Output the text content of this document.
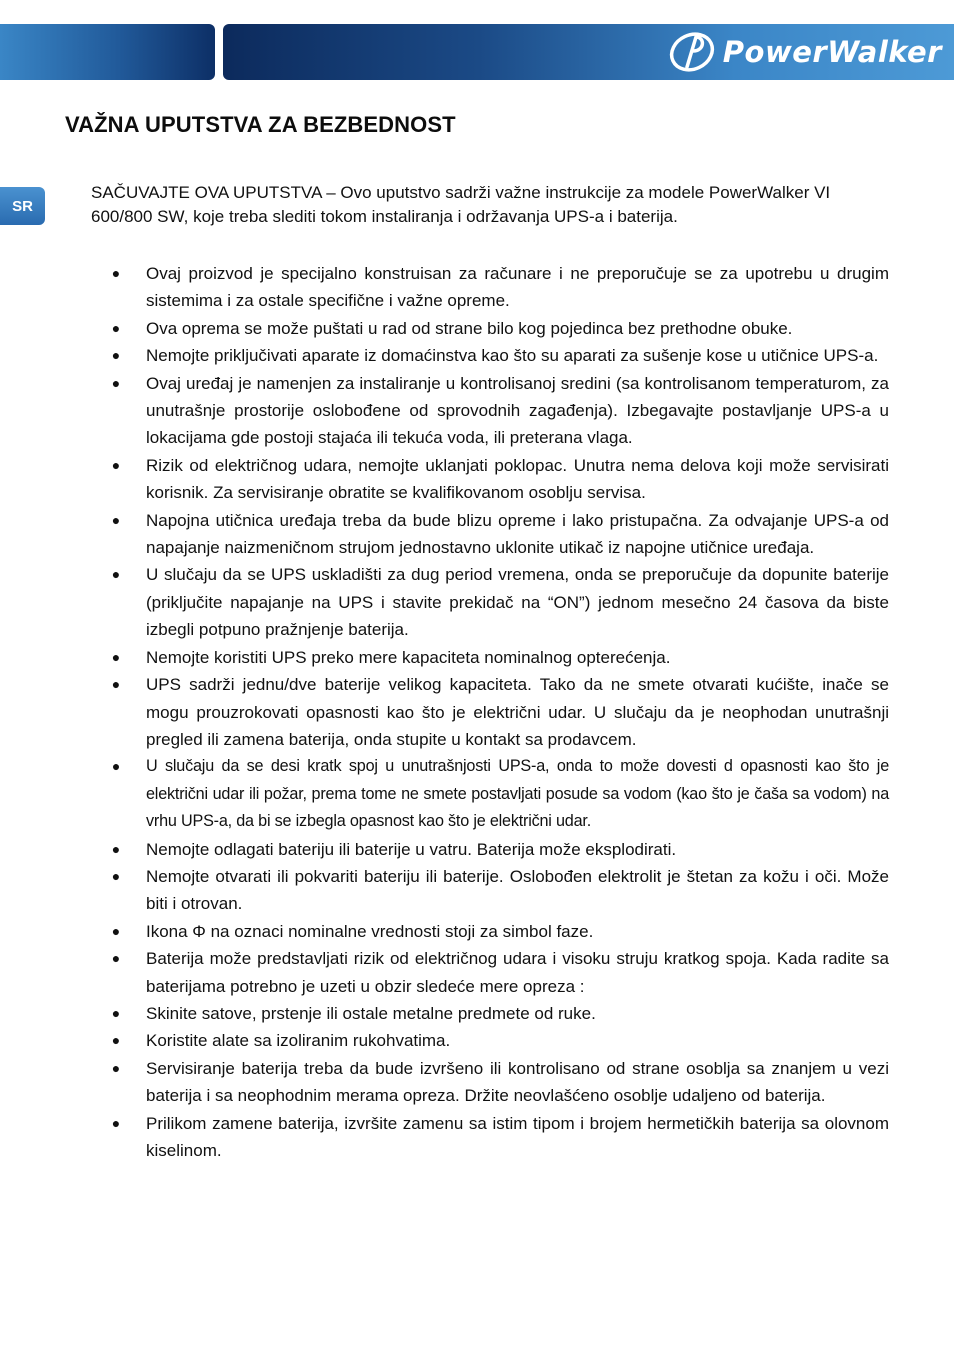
PowerWalker
VAŽNA UPUTSTVA ZA BEZBEDNOST
SR

SAČUVAJTE OVA UPUTSTVA – Ovo uputstvo sadrži važne instrukcije za modele PowerWalker VI 600/800 SW, koje treba slediti tokom instaliranja i održavanja UPS-a i baterija.

● Ovaj proizvod je specijalno konstruisan za računare i ne preporučuje se za upotrebu u drugim sistemima i za ostale specifične i važne opreme.
● Ova oprema se može puštati u rad od strane bilo kog pojedinca bez prethodne obuke.
● Nemojte priključivati aparate iz domaćinstva kao što su aparati za sušenje kose u utičnice UPS-a.
● Ovaj uređaj je namenjen za instaliranje u kontrolisanoj sredini (sa kontrolisanom temperaturom, za unutrašnje prostorije oslobođene od sprovodnih zagađenja). Izbegavajte postavljanje UPS-a u lokacijama gde postoji stajaća ili tekuća voda, ili preterana vlaga.
● Rizik od električnog udara, nemojte uklanjati poklopac. Unutra nema delova koji može servisirati korisnik. Za servisiranje obratite se kvalifikovanom osoblju servisa.
● Napojna utičnica uređaja treba da bude blizu opreme i lako pristupačna. Za odvajanje UPS-a od napajanje naizmeničnom strujom jednostavno uklonite utikač iz napojne utičnice uređaja.
● U slučaju da se UPS uskladišti za dug period vremena, onda se preporučuje da dopunite baterije (priključite napajanje na UPS i stavite prekidač na “ON”) jednom mesečno 24 časova da biste izbegli potpuno pražnjenje baterija.
● Nemojte koristiti UPS preko mere kapaciteta nominalnog opterećenja.
● UPS sadrži jednu/dve baterije velikog kapaciteta. Tako da ne smete otvarati kućište, inače se mogu prouzrokovati opasnosti kao što je električni udar. U slučaju da je neophodan unutrašnji pregled ili zamena baterija, onda stupite u kontakt sa prodavcem.
● U slučaju da se desi kratk spoj u unutrašnjosti UPS-a, onda to može dovesti d opasnosti kao što je električni udar ili požar, prema tome ne smete postavljati posude sa vodom (kao što je čaša sa vodom) na vrhu UPS-a, da bi se izbegla opasnost kao što je električni udar.
● Nemojte odlagati bateriju ili baterije u vatru. Baterija može eksplodirati.
● Nemojte otvarati ili pokvariti bateriju ili baterije. Oslobođen elektrolit je štetan za kožu i oči. Može biti i otrovan.
● Ikona Φ na oznaci nominalne vrednosti stoji za simbol faze.
● Baterija može predstavljati rizik od električnog udara i visoku struju kratkog spoja. Kada radite sa baterijama potrebno je uzeti u obzir sledeće mere opreza :
● Skinite satove, prstenje ili ostale metalne predmete od ruke.
● Koristite alate sa izoliranim rukohvatima.
● Servisiranje baterija treba da bude izvršeno ili kontrolisano od strane osoblja sa znanjem u vezi baterija i sa neophodnim merama opreza. Držite neovlašćeno osoblje udaljeno od baterija.
● Prilikom zamene baterija, izvršite zamenu sa istim tipom i brojem hermetičkih baterija sa olovnom kiselinom.
